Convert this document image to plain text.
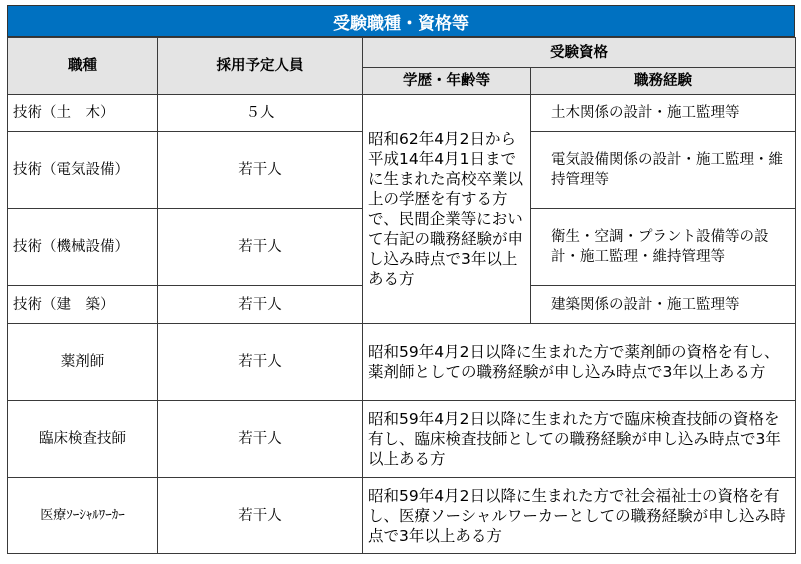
受験職種・資格等
職種	採用予定人員	受験資格	
		学歴・年齢等	職務経験
技術（土　木）	５人	昭和62年4月2日から平成14年4月1日までに生まれた高校卒業以上の学歴を有する方で、民間企業等において右記の職務経験が申し込み時点で3年以上ある方	土木関係の設計・施工監理等
技術（電気設備）	若干人		電気設備関係の設計・施工監理・維持管理等
技術（機械設備）	若干人		衛生・空調・プラント設備等の設計・施工監理・維持管理等
技術（建　築）	若干人		建築関係の設計・施工監理等
薬剤師	若干人	昭和59年4月2日以降に生まれた方で薬剤師の資格を有し、薬剤師としての職務経験が申し込み時点で3年以上ある方	
臨床検査技師	若干人	昭和59年4月2日以降に生まれた方で臨床検査技師の資格を有し、臨床検査技師としての職務経験が申し込み時点で3年以上ある方	
医療ｿｰｼｬﾙﾜｰｶｰ	若干人	昭和59年4月2日以降に生まれた方で社会福祉士の資格を有し、医療ソーシャルワーカーとしての職務経験が申し込み時点で3年以上ある方	
